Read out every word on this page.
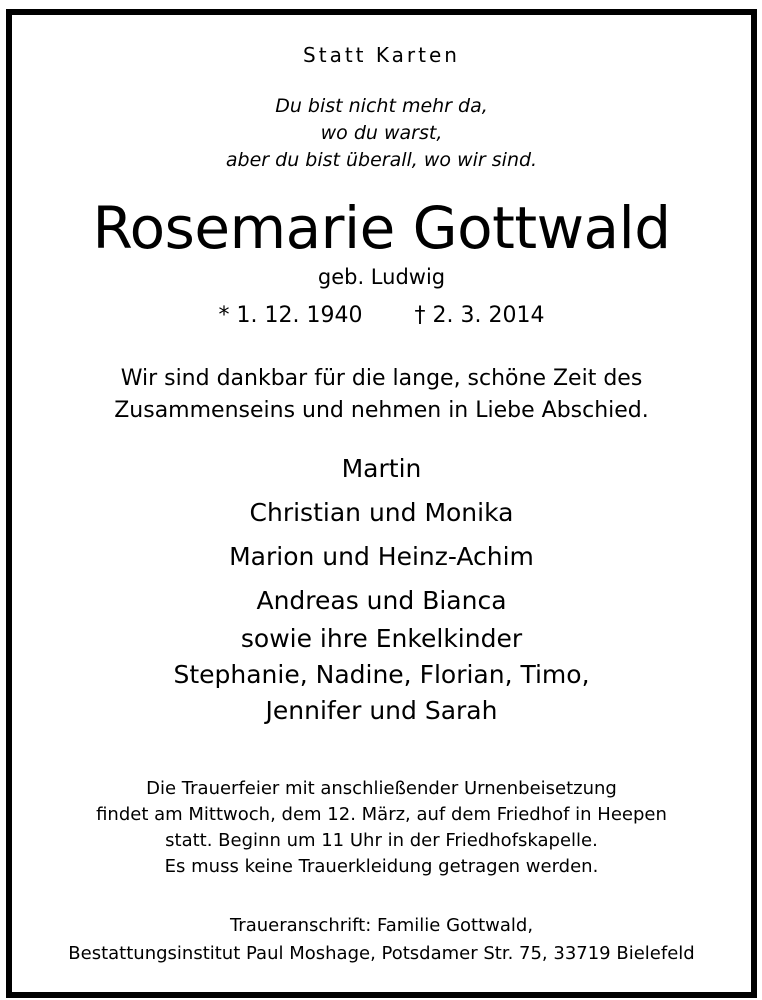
Statt Karten
Du bist nicht mehr da,
wo du warst,
aber du bist überall, wo wir sind.
Rosemarie Gottwald
geb. Ludwig
* 1. 12. 1940 † 2. 3. 2014
Wir sind dankbar für die lange, schöne Zeit des
Zusammenseins und nehmen in Liebe Abschied.
Martin
Christian und Monika
Marion und Heinz-Achim
Andreas und Bianca
sowie ihre Enkelkinder
Stephanie, Nadine, Florian, Timo,
Jennifer und Sarah
Die Trauerfeier mit anschließender Urnenbeisetzung
findet am Mittwoch, dem 12. März, auf dem Friedhof in Heepen
statt. Beginn um 11 Uhr in der Friedhofskapelle.
Es muss keine Trauerkleidung getragen werden.
Traueranschrift: Familie Gottwald,
Bestattungsinstitut Paul Moshage, Potsdamer Str. 75, 33719 Bielefeld
